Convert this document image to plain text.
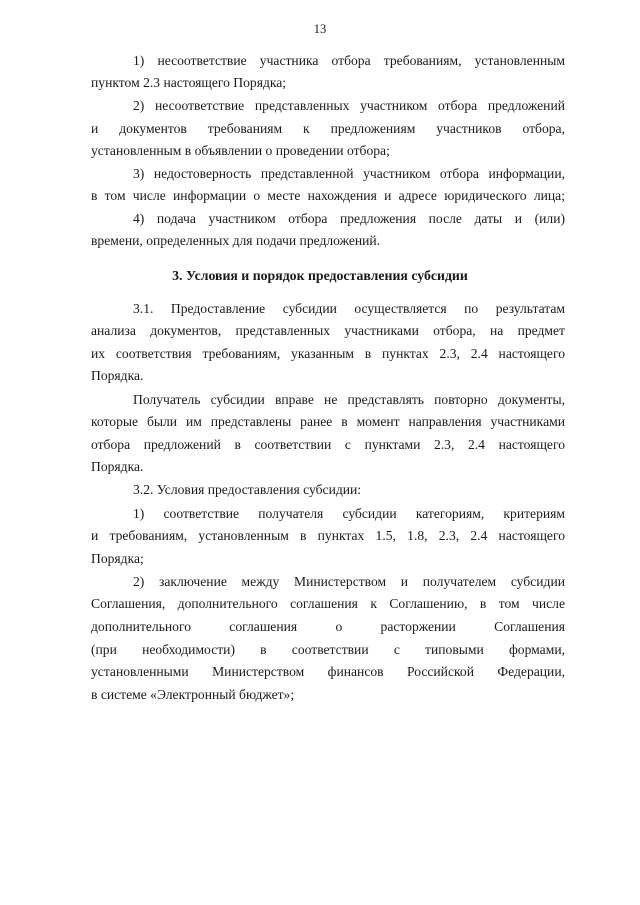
13
1) несоответствие участника отбора требованиям, установленным
пунктом 2.3 настоящего Порядка;
2) несоответствие представленных участником отбора предложений
и документов требованиям к предложениям участников отбора,
установленным в объявлении о проведении отбора;
3) недостоверность представленной участником отбора информации,
в том числе информации о месте нахождения и адресе юридического лица;
4) подача участником отбора предложения после даты и (или)
времени, определенных для подачи предложений.
3. Условия и порядок предоставления субсидии
3.1. Предоставление субсидии осуществляется по результатам
анализа документов, представленных участниками отбора, на предмет
их соответствия требованиям, указанным в пунктах 2.3, 2.4 настоящего
Порядка.
Получатель субсидии вправе не представлять повторно документы,
которые были им представлены ранее в момент направления участниками
отбора предложений в соответствии с пунктами 2.3, 2.4 настоящего
Порядка.
3.2. Условия предоставления субсидии:
1) соответствие получателя субсидии категориям, критериям
и требованиям, установленным в пунктах 1.5, 1.8, 2.3, 2.4 настоящего
Порядка;
2) заключение между Министерством и получателем субсидии
Соглашения, дополнительного соглашения к Соглашению, в том числе
дополнительного соглашения о расторжении Соглашения
(при необходимости) в соответствии с типовыми формами,
установленными Министерством финансов Российской Федерации,
в системе «Электронный бюджет»;
